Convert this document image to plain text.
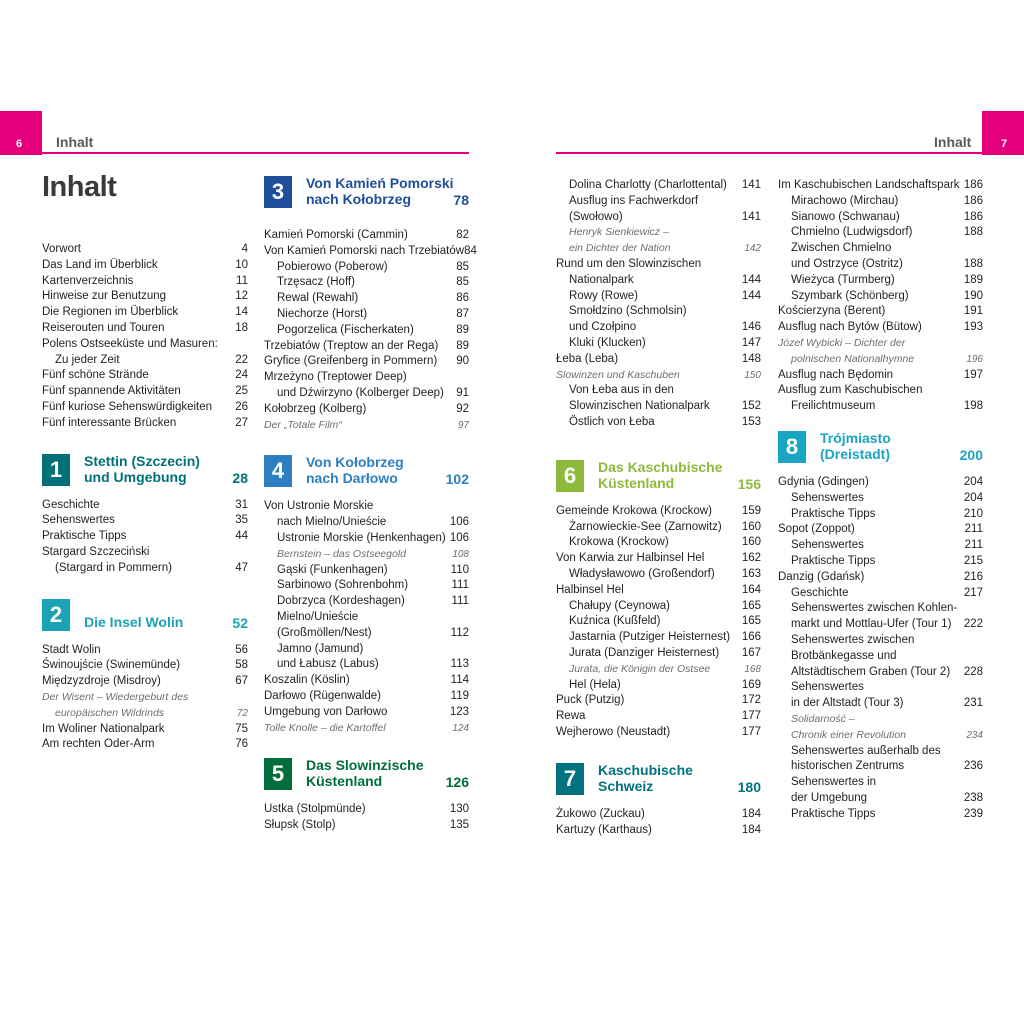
6	Inhalt	7
Inhalt
Inhalt
Vorwort	4
Das Land im Überblick	10
Kartenverzeichnis	11
Hinweise zur Benutzung	12
Die Regionen im Überblick	14
Reiserouten und Touren	18
Polens Ostseeküste und Masuren:
Zu jeder Zeit	22
Fünf schöne Strände	24
Fünf spannende Aktivitäten	25
Fünf kuriose Sehenswürdigkeiten	26
Fünf interessante Brücken	27
1	Stettin (Szczecin)
und Umgebung	28
Geschichte	31
Sehenswertes	35
Praktische Tipps	44
Stargard Szczeciński
(Stargard in Pommern)	47
2	Die Insel Wolin	52
Stadt Wolin	56
Świnoujście (Swinemünde)	58
Międzyzdroje (Misdroy)	67
Der Wisent – Wiedergeburt des
europäischen Wildrinds	72
Im Woliner Nationalpark	75
Am rechten Oder-Arm	76
3	Von Kamień Pomorski
nach Kołobrzeg	78
Kamień Pomorski (Cammin)	82
Von Kamień Pomorski nach Trzebiatów 84
Pobierowo (Poberow)	85
Trzęsacz (Hoff)	85
Rewal (Rewahl)	86
Niechorze (Horst)	87
Pogorzelica (Fischerkaten)	89
Trzebiatów (Treptow an der Rega)	89
Gryfice (Greifenberg in Pommern)	90
Mrzeżyno (Treptower Deep)
und Dźwirzyno (Kolberger Deep)	91
Kołobrzeg (Kolberg)	92
Der „Totale Film“	97
4	Von Kołobrzeg
nach Darłowo	102
Von Ustronie Morskie
nach Mielno/Unieście	106
Ustronie Morskie (Henkenhagen) 106
Bernstein – das Ostseegold	108
Gąski (Funkenhagen)	110
Sarbinowo (Sohrenbohm)	111
Dobrzyca (Kordeshagen)	111
Mielno/Unieście
(Großmöllen/Nest)	112
Jamno (Jamund)
und Łabusz (Labus)	113
Koszalin (Köslin)	114
Darłowo (Rügenwalde)	119
Umgebung von Darłowo	123
Tolle Knolle – die Kartoffel	124
5	Das Slowinzische
Küstenland	126
Ustka (Stolpmünde)	130
Słupsk (Stolp)	135
Dolina Charlotty (Charlottental)	141
Ausflug ins Fachwerkdorf
(Swołowo)	141
Henryk Sienkiewicz –
ein Dichter der Nation	142
Rund um den Slowinzischen
Nationalpark	144
Rowy (Rowe)	144
Smołdzino (Schmolsin)
und Czołpino	146
Kluki (Klucken)	147
Łeba (Leba)	148
Slowinzen und Kaschuben	150
Von Łeba aus in den
Slowinzischen Nationalpark	152
Östlich von Łeba	153
6	Das Kaschubische
Küstenland	156
Gemeinde Krokowa (Krockow)	159
Żarnowieckie-See (Zarnowitz)	160
Krokowa (Krockow)	160
Von Karwia zur Halbinsel Hel	162
Władysławowo (Großendorf)	163
Halbinsel Hel	164
Chałupy (Ceynowa)	165
Kuźnica (Kußfeld)	165
Jastarnia (Putziger Heisternest)	166
Jurata (Danziger Heisternest)	167
Jurata, die Königin der Ostsee	168
Hel (Hela)	169
Puck (Putzig)	172
Rewa	177
Wejherowo (Neustadt)	177
7	Kaschubische
Schweiz	180
Żukowo (Zuckau)	184
Kartuzy (Karthaus)	184
Im Kaschubischen Landschaftspark 186
Mirachowo (Mirchau)	186
Sianowo (Schwanau)	186
Chmielno (Ludwigsdorf)	188
Zwischen Chmielno
und Ostrzyce (Ostritz)	188
Wieżyca (Turmberg)	189
Szymbark (Schönberg)	190
Kościerzyna (Berent)	191
Ausflug nach Bytów (Bütow)	193
Józef Wybicki – Dichter der
polnischen Nationalhymne	196
Ausflug nach Będomin	197
Ausflug zum Kaschubischen
Freilichtmuseum	198
8	Trójmiasto
(Dreistadt)	200
Gdynia (Gdingen)	204
Sehenswertes	204
Praktische Tipps	210
Sopot (Zoppot)	211
Sehenswertes	211
Praktische Tipps	215
Danzig (Gdańsk)	216
Geschichte	217
Sehenswertes zwischen Kohlen-
markt und Mottlau-Ufer (Tour 1)	222
Sehenswertes zwischen
Brotbänkegasse und
Altstädtischem Graben (Tour 2)	228
Sehenswertes
in der Altstadt (Tour 3)	231
Solidarność –
Chronik einer Revolution	234
Sehenswertes außerhalb des
historischen Zentrums	236
Sehenswertes in
der Umgebung	238
Praktische Tipps	239
